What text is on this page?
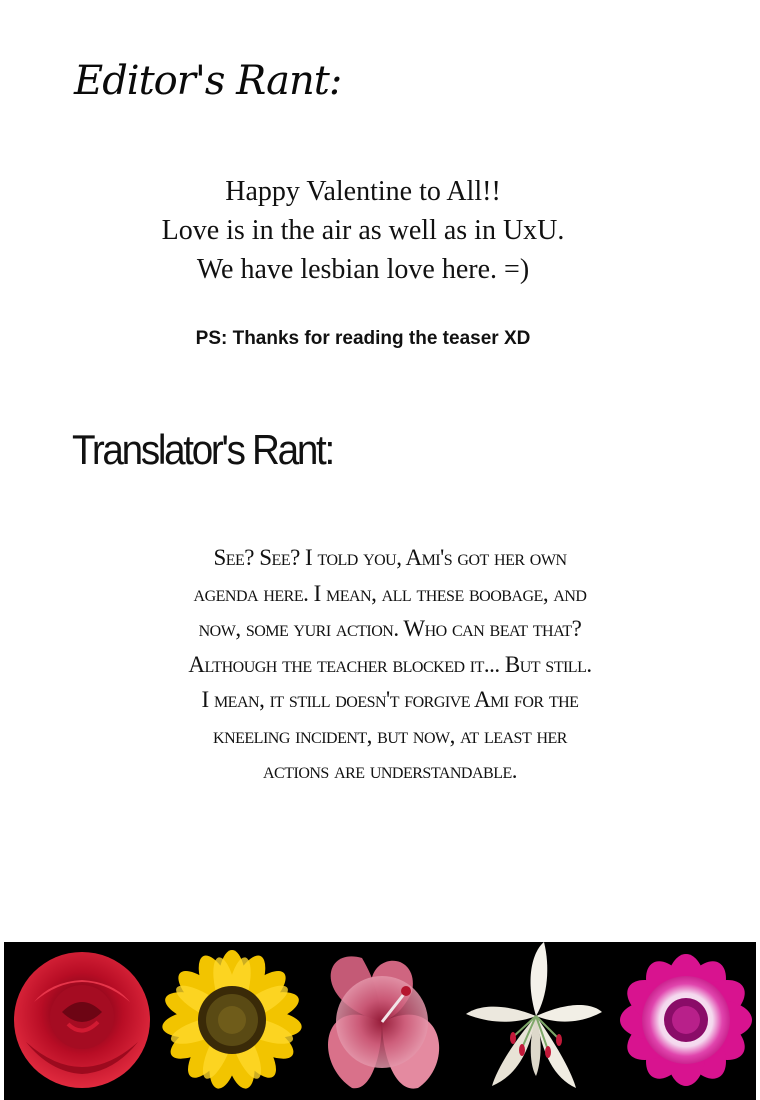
Editor's Rant:
Happy Valentine to All!!
Love is in the air as well as in UxU.
We have lesbian love here. =)
PS: Thanks for reading the teaser XD
Translator's Rant:
See? See? I told you, Ami's got her own
agenda here. I mean, all these boobage, and
now, some yuri action. Who can beat that?
Although the teacher blocked it... But still.
I mean, it still doesn't forgive Ami for the
kneeling incident, but now, at least her
actions are understandable.
